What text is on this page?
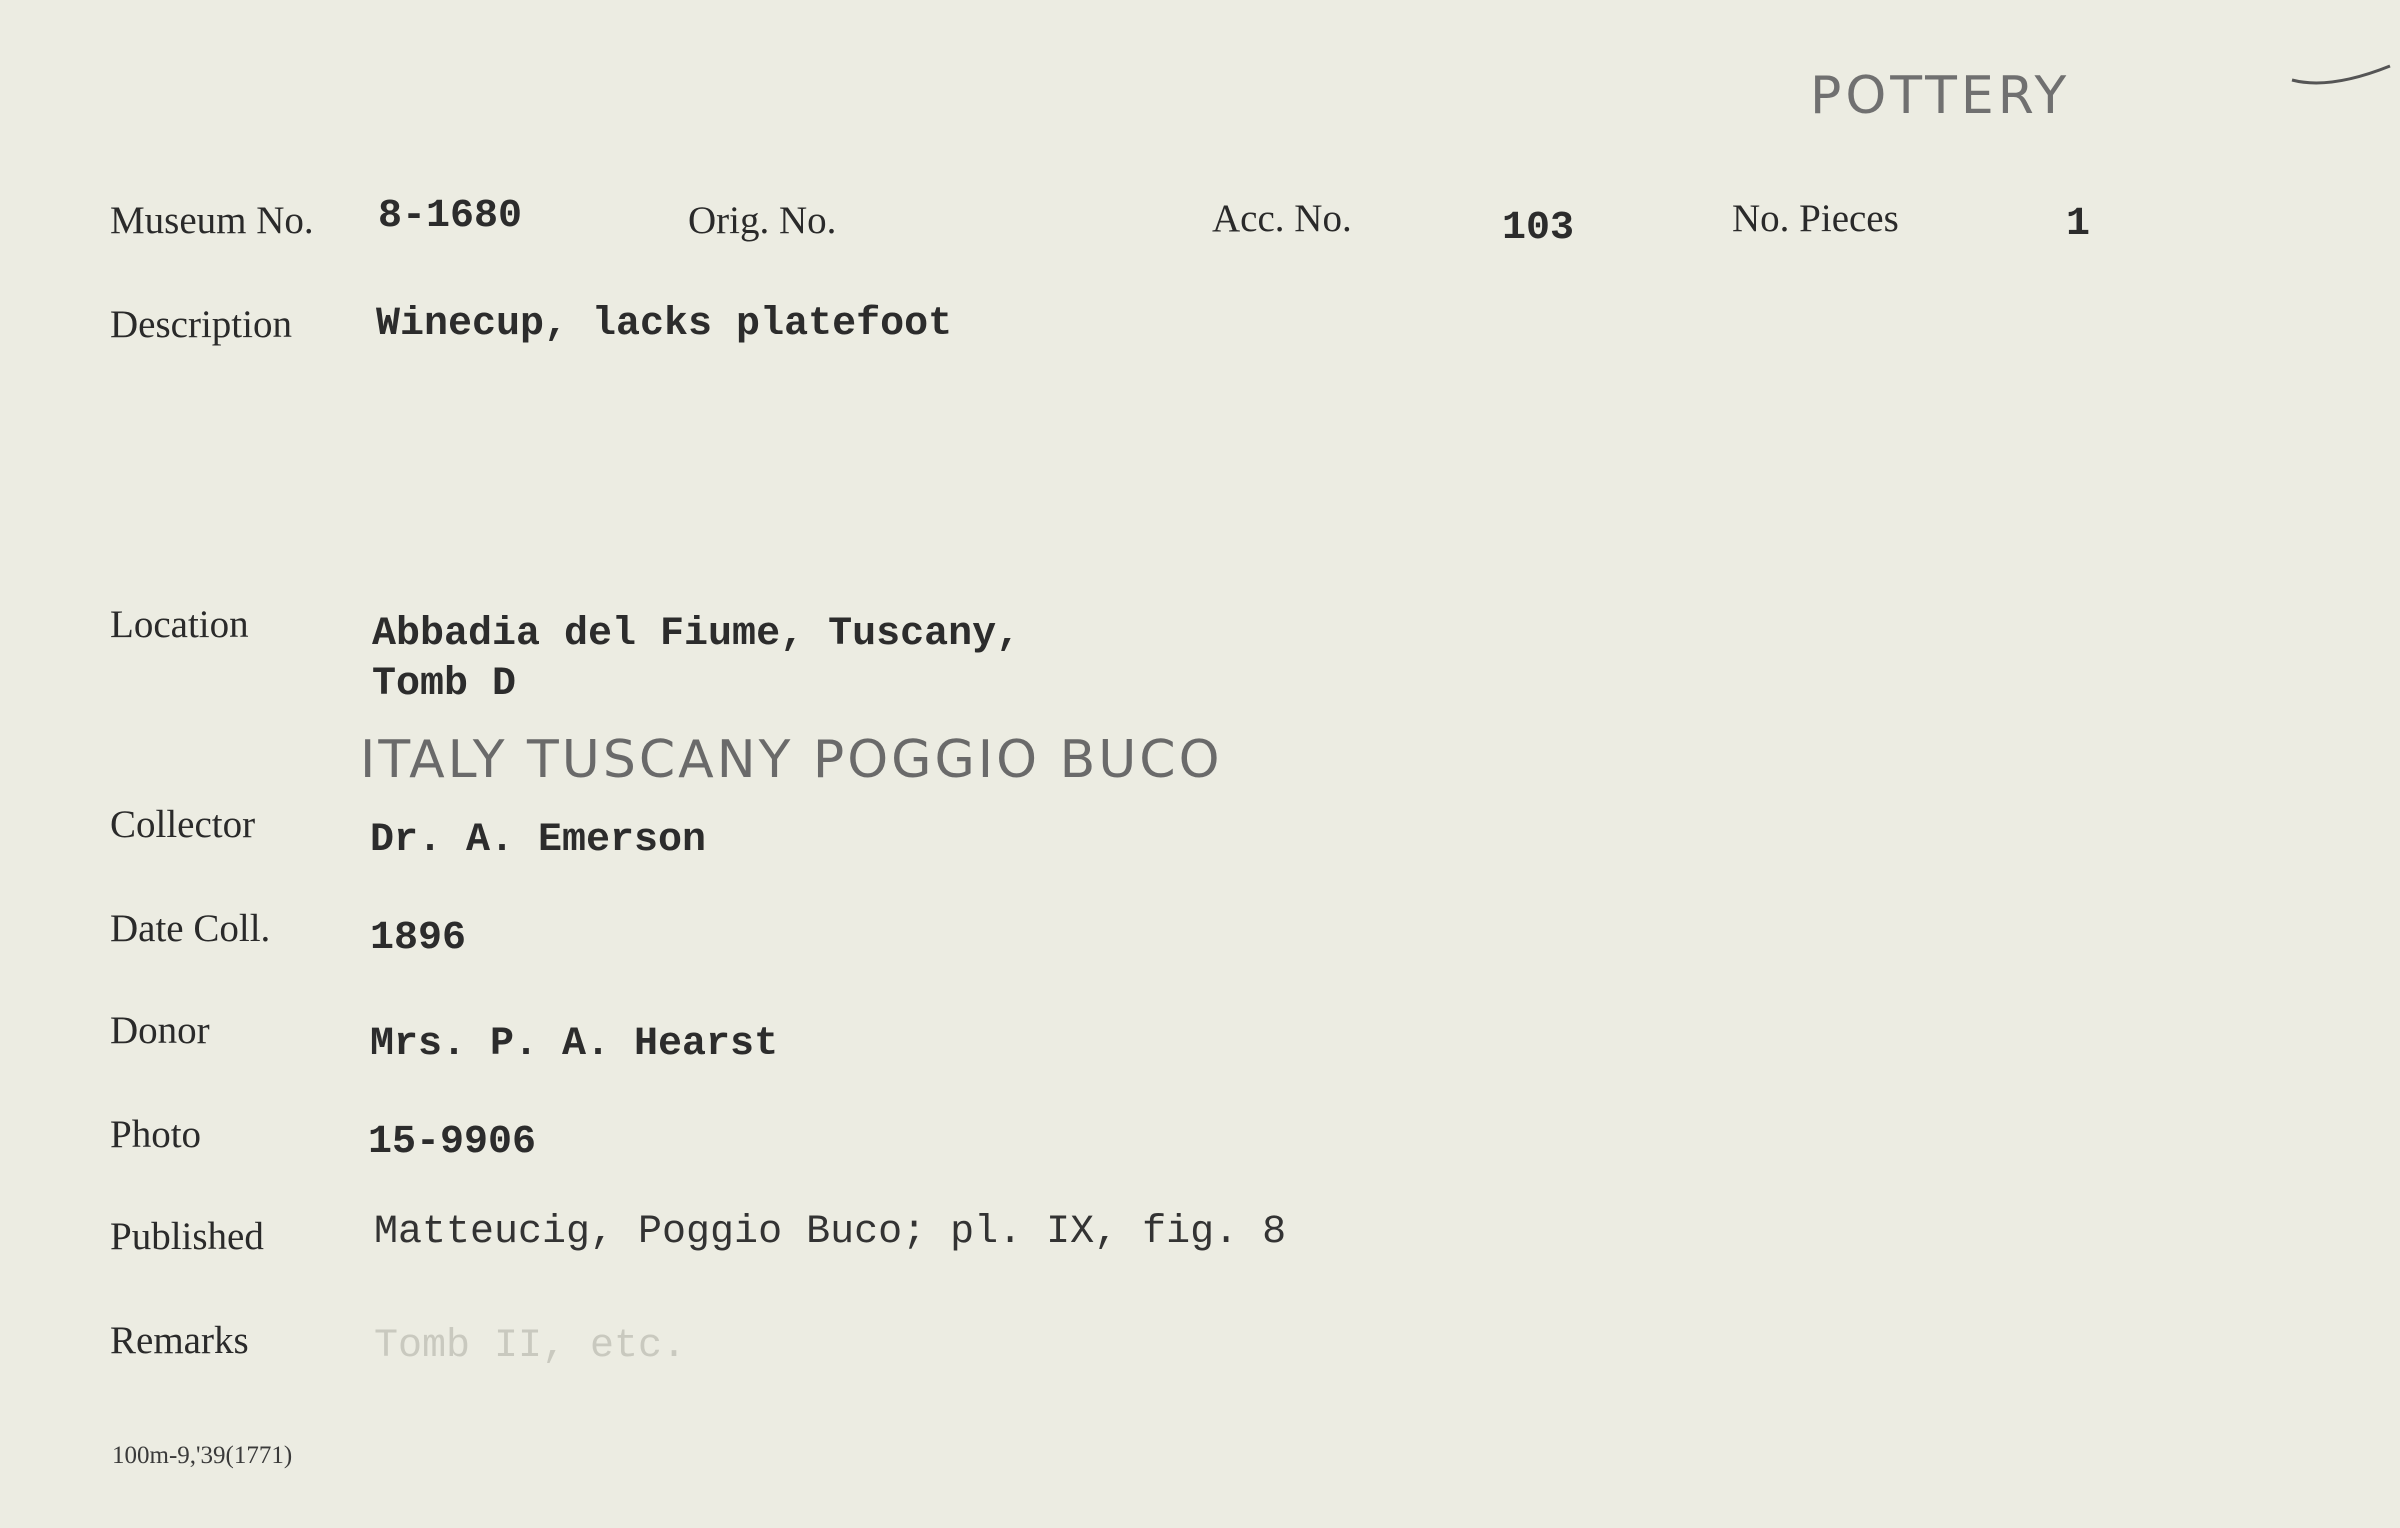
POTTERY
Museum No. 8-1680	Orig. No.	Acc. No.	103	No. Pieces	1
Description Winecup, lacks platefoot
Location	Abbadia del Fiume, Tuscany,
Tomb D
ITALY TUSCANY POGGIO BUCO
Collector	Dr. A. Emerson
Date Coll. 1896
Donor	Mrs. P. A. Hearst
Photo	15-9906
Published	Matteucig, Poggio Buco; pl. IX, fig. 8
Remarks	Tomb II, etc.
100m-9,'39(1771)
